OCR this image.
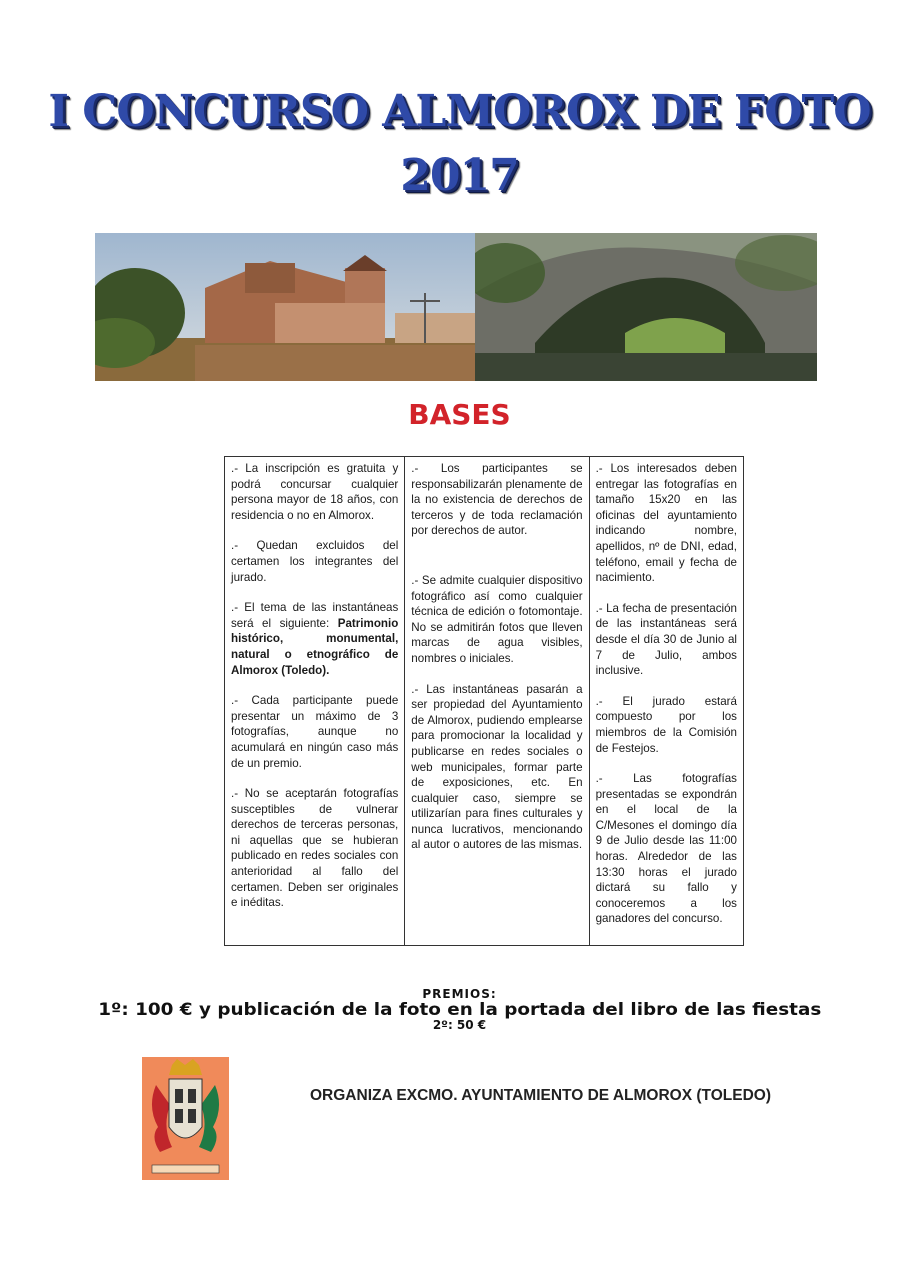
I CONCURSO ALMOROX DE FOTO
2017
BASES

.- La inscripción es gratuita y podrá concursar cualquier persona mayor de 18 años, con residencia o no en Almorox.

.- Quedan excluidos del certamen los integrantes del jurado.

.- El tema de las instantáneas será el siguiente: Patrimonio histórico, monumental, natural o etnográfico de Almorox (Toledo).

.- Cada participante puede presentar un máximo de 3 fotografías, aunque no acumulará en ningún caso más de un premio.

.- No se aceptarán fotografías susceptibles de vulnerar derechos de terceras personas, ni aquellas que se hubieran publicado en redes sociales con anterioridad al fallo del certamen. Deben ser originales e inéditas.

.- Los participantes se responsabilizarán plenamente de la no existencia de derechos de terceros y de toda reclamación por derechos de autor.

.- Se admite cualquier dispositivo fotográfico así como cualquier técnica de edición o fotomontaje. No se admitirán fotos que lleven marcas de agua visibles, nombres o iniciales.

.- Las instantáneas pasarán a ser propiedad del Ayuntamiento de Almorox, pudiendo emplearse para promocionar la localidad y publicarse en redes sociales o web municipales, formar parte de exposiciones, etc. En cualquier caso, siempre se utilizarían para fines culturales y nunca lucrativos, mencionando al autor o autores de las mismas.

.- Los interesados deben entregar las fotografías en tamaño 15x20 en las oficinas del ayuntamiento indicando nombre, apellidos, nº de DNI, edad, teléfono, email y fecha de nacimiento.

.- La fecha de presentación de las instantáneas será desde el día 30 de Junio al 7 de Julio, ambos inclusive.

.- El jurado estará compuesto por los miembros de la Comisión de Festejos.

.- Las fotografías presentadas se expondrán en el local de la C/Mesones el domingo día 9 de Julio desde las 11:00 horas. Alrededor de las 13:30 horas el jurado dictará su fallo y conoceremos a los ganadores del concurso.

PREMIOS:
1º: 100 € y publicación de la foto en la portada del libro de las fiestas
2º: 50 €
ORGANIZA EXCMO. AYUNTAMIENTO DE ALMOROX (TOLEDO)
